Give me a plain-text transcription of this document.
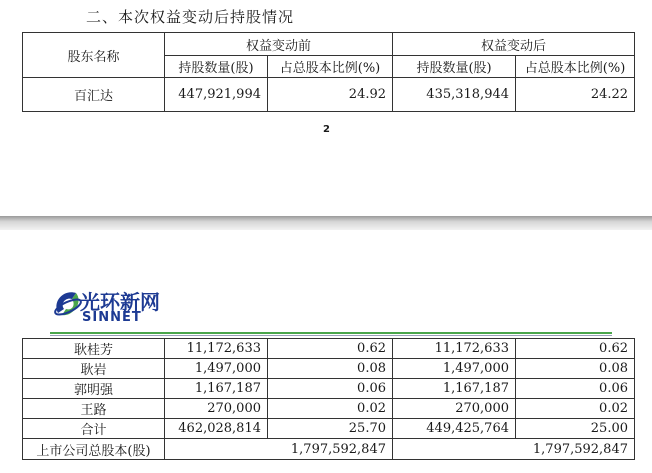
二、本次权益变动后持股情况
股东名称	权益变动前		权益变动后	
	持股数量(股)	占总股本比例(%)	持股数量(股)	占总股本比例(%)
百汇达	447,921,994	24.92	435,318,944	24.22
2
光环新网
SINNET
耿桂芳	11,172,633	0.62	11,172,633	0.62
耿岩	1,497,000	0.08	1,497,000	0.08
郭明强	1,167,187	0.06	1,167,187	0.06
王路	270,000	0.02	270,000	0.02
合计	462,028,814	25.70	449,425,764	25.00
上市公司总股本(股)	1,797,592,847		1,797,592,847	
